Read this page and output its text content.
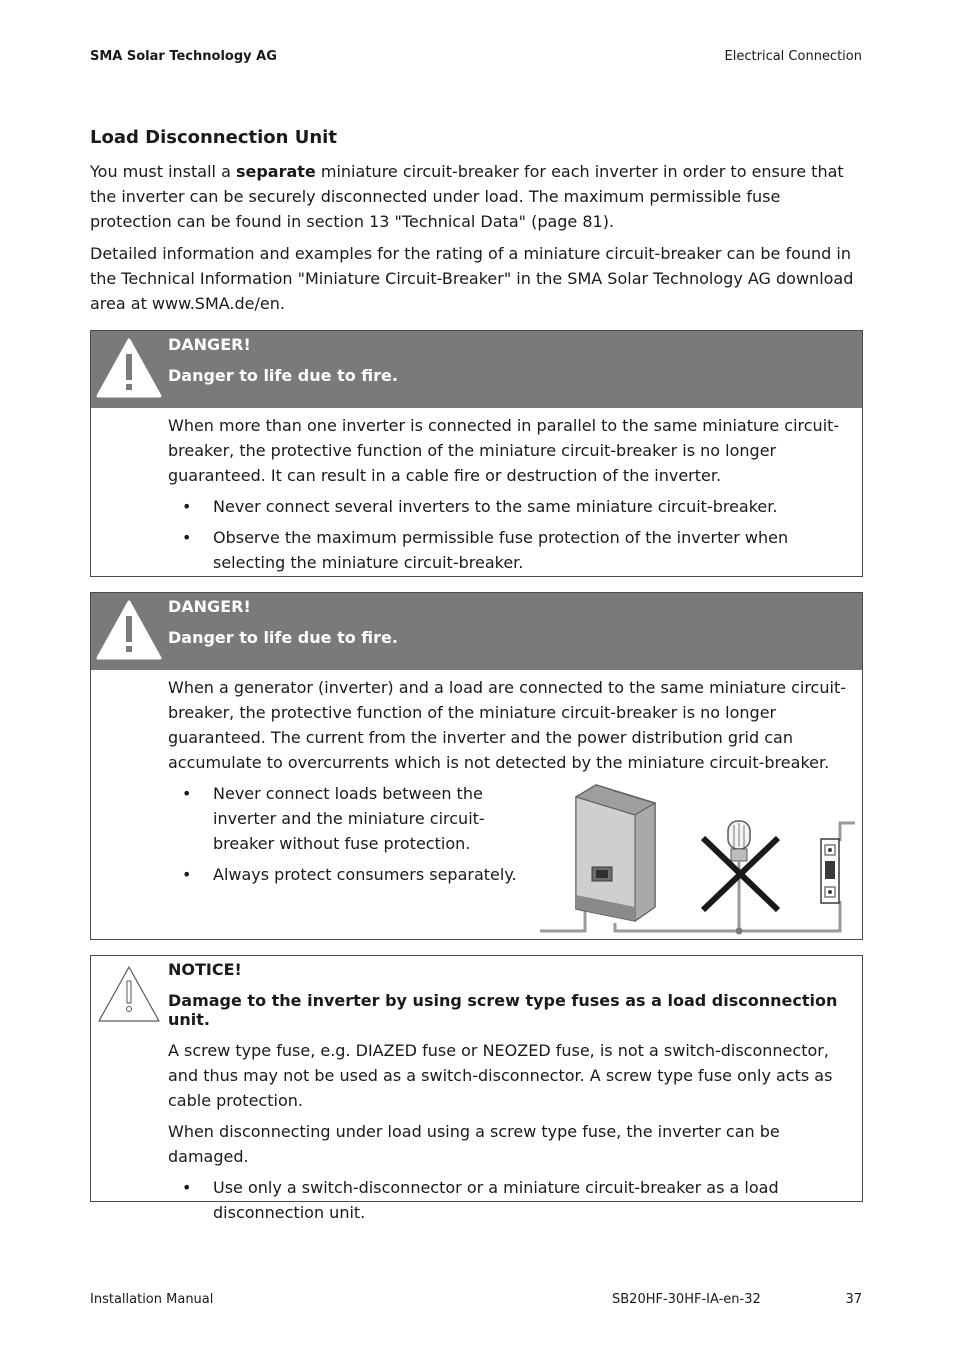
SMA Solar Technology AG	Electrical Connection
Load Disconnection Unit

You must install a separate miniature circuit-breaker for each inverter in order to ensure that the inverter can be securely disconnected under load. The maximum permissible fuse protection can be found in section 13 "Technical Data" (page 81).

Detailed information and examples for the rating of a miniature circuit-breaker can be found in the Technical Information "Miniature Circuit-Breaker" in the SMA Solar Technology AG download area at www.SMA.de/en.

DANGER!
Danger to life due to fire.

When more than one inverter is connected in parallel to the same miniature circuit-breaker, the protective function of the miniature circuit-breaker is no longer guaranteed. It can result in a cable fire or destruction of the inverter.

• Never connect several inverters to the same miniature circuit-breaker.
• Observe the maximum permissible fuse protection of the inverter when selecting the miniature circuit-breaker.
DANGER!
Danger to life due to fire.

When a generator (inverter) and a load are connected to the same miniature circuit-breaker, the protective function of the miniature circuit-breaker is no longer guaranteed. The current from the inverter and the power distribution grid can accumulate to overcurrents which is not detected by the miniature circuit-breaker.

• Never connect loads between the inverter and the miniature circuit-breaker without fuse protection.
• Always protect consumers separately.
NOTICE!
Damage to the inverter by using screw type fuses as a load disconnection unit.

A screw type fuse, e.g. DIAZED fuse or NEOZED fuse, is not a switch-disconnector, and thus may not be used as a switch-disconnector. A screw type fuse only acts as cable protection.

When disconnecting under load using a screw type fuse, the inverter can be damaged.

• Use only a switch-disconnector or a miniature circuit-breaker as a load disconnection unit.
Installation Manual	SB20HF-30HF-IA-en-32	37
